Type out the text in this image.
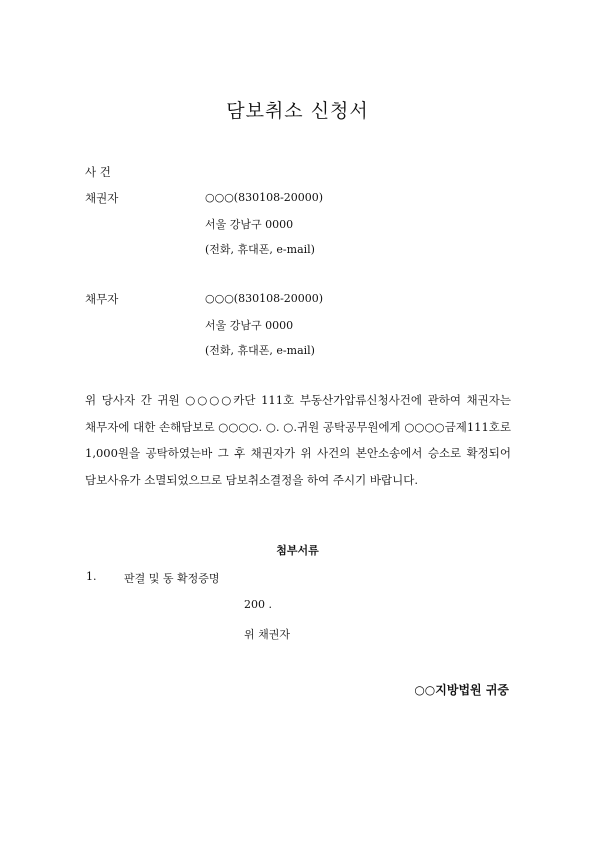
담보취소 신청서
사 건
채권자	○○○(830108-20000)
서울 강남구 0000
(전화, 휴대폰, e-mail)
채무자	○○○(830108-20000)
서울 강남구 0000
(전화, 휴대폰, e-mail)
위 당사자 간 귀원 ○○○○카단 111호 부동산가압류신청사건에 관하여 채권자는 채무자에 대한 손해담보로 ○○○○. ○. ○.귀원 공탁공무원에게 ○○○○금제111호로 1,000원을 공탁하였는바 그 후 채권자가 위 사건의 본안소송에서 승소로 확정되어 담보사유가 소멸되었으므로 담보취소결정을 하여 주시기 바랍니다.
첨부서류
1.	판결 및 동 확정증명
200 .
위 채권자
○○지방법원 귀중
